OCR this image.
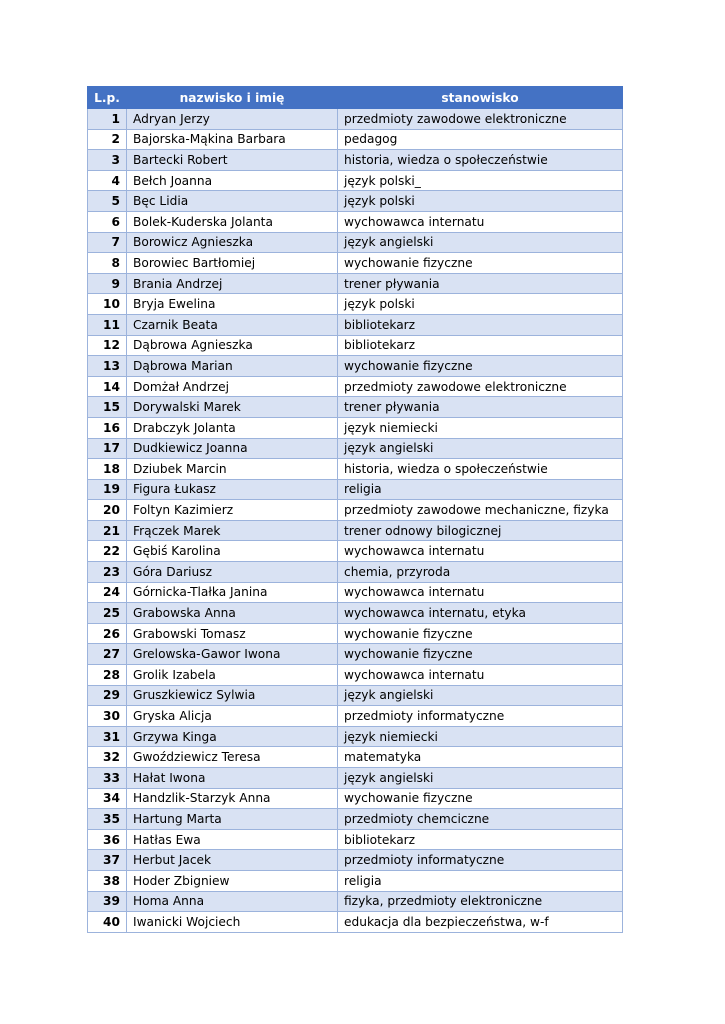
L.p.	nazwisko i imię	stanowisko
1	Adryan Jerzy	przedmioty zawodowe elektroniczne
2	Bajorska-Mąkina Barbara	pedagog
3	Bartecki Robert	historia, wiedza o społeczeństwie
4	Bełch Joanna	język polski_
5	Bęc Lidia	język polski
6	Bolek-Kuderska Jolanta	wychowawca internatu
7	Borowicz Agnieszka	język angielski
8	Borowiec Bartłomiej	wychowanie fizyczne
9	Brania Andrzej	trener pływania
10	Bryja Ewelina	język polski
11	Czarnik Beata	bibliotekarz
12	Dąbrowa Agnieszka	bibliotekarz
13	Dąbrowa Marian	wychowanie fizyczne
14	Domżał Andrzej	przedmioty zawodowe elektroniczne
15	Dorywalski Marek	trener pływania
16	Drabczyk Jolanta	język niemiecki
17	Dudkiewicz Joanna	język angielski
18	Dziubek Marcin	historia, wiedza o społeczeństwie
19	Figura Łukasz	religia
20	Foltyn Kazimierz	przedmioty zawodowe mechaniczne, fizyka
21	Frączek Marek	trener odnowy bilogicznej
22	Gębiś Karolina	wychowawca internatu
23	Góra Dariusz	chemia, przyroda
24	Górnicka-Tlałka Janina	wychowawca internatu
25	Grabowska Anna	wychowawca internatu, etyka
26	Grabowski Tomasz	wychowanie fizyczne
27	Grelowska-Gawor Iwona	wychowanie fizyczne
28	Grolik Izabela	wychowawca internatu
29	Gruszkiewicz Sylwia	język angielski
30	Gryska Alicja	przedmioty informatyczne
31	Grzywa Kinga	język niemiecki
32	Gwoździewicz Teresa	matematyka
33	Hałat Iwona	język angielski
34	Handzlik-Starzyk Anna	wychowanie fizyczne
35	Hartung Marta	przedmioty chemciczne
36	Hatłas Ewa	bibliotekarz
37	Herbut Jacek	przedmioty informatyczne
38	Hoder Zbigniew	religia
39	Homa Anna	fizyka, przedmioty elektroniczne
40	Iwanicki Wojciech	edukacja dla bezpieczeństwa, w-f
